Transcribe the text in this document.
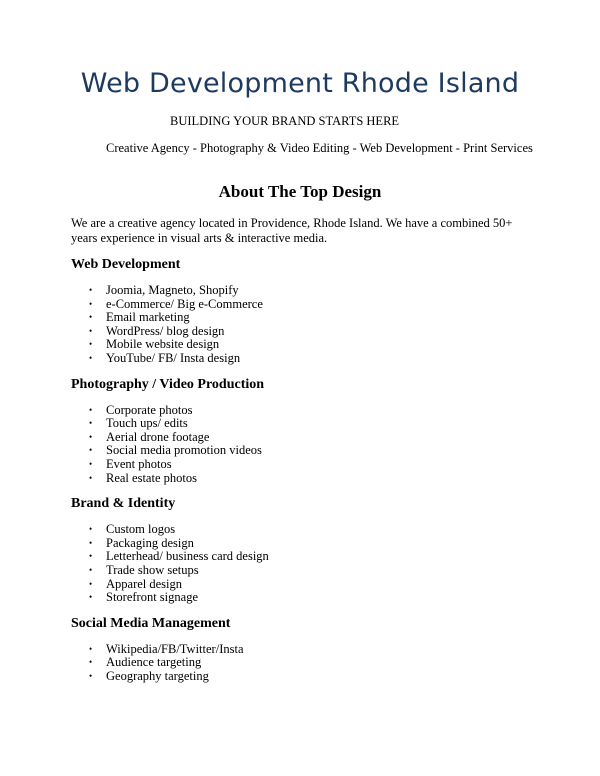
Web Development Rhode Island
BUILDING YOUR BRAND STARTS HERE
Creative Agency - Photography & Video Editing - Web Development - Print Services
About The Top Design
We are a creative agency located in Providence, Rhode Island. We have a combined 50+ years experience in visual arts & interactive media.
Web Development
• Joomia, Magneto, Shopify
• e-Commerce/ Big e-Commerce
• Email marketing
• WordPress/ blog design
• Mobile website design
• YouTube/ FB/ Insta design
Photography / Video Production
• Corporate photos
• Touch ups/ edits
• Aerial drone footage
• Social media promotion videos
• Event photos
• Real estate photos
Brand & Identity
• Custom logos
• Packaging design
• Letterhead/ business card design
• Trade show setups
• Apparel design
• Storefront signage
Social Media Management
• Wikipedia/FB/Twitter/Insta
• Audience targeting
• Geography targeting
